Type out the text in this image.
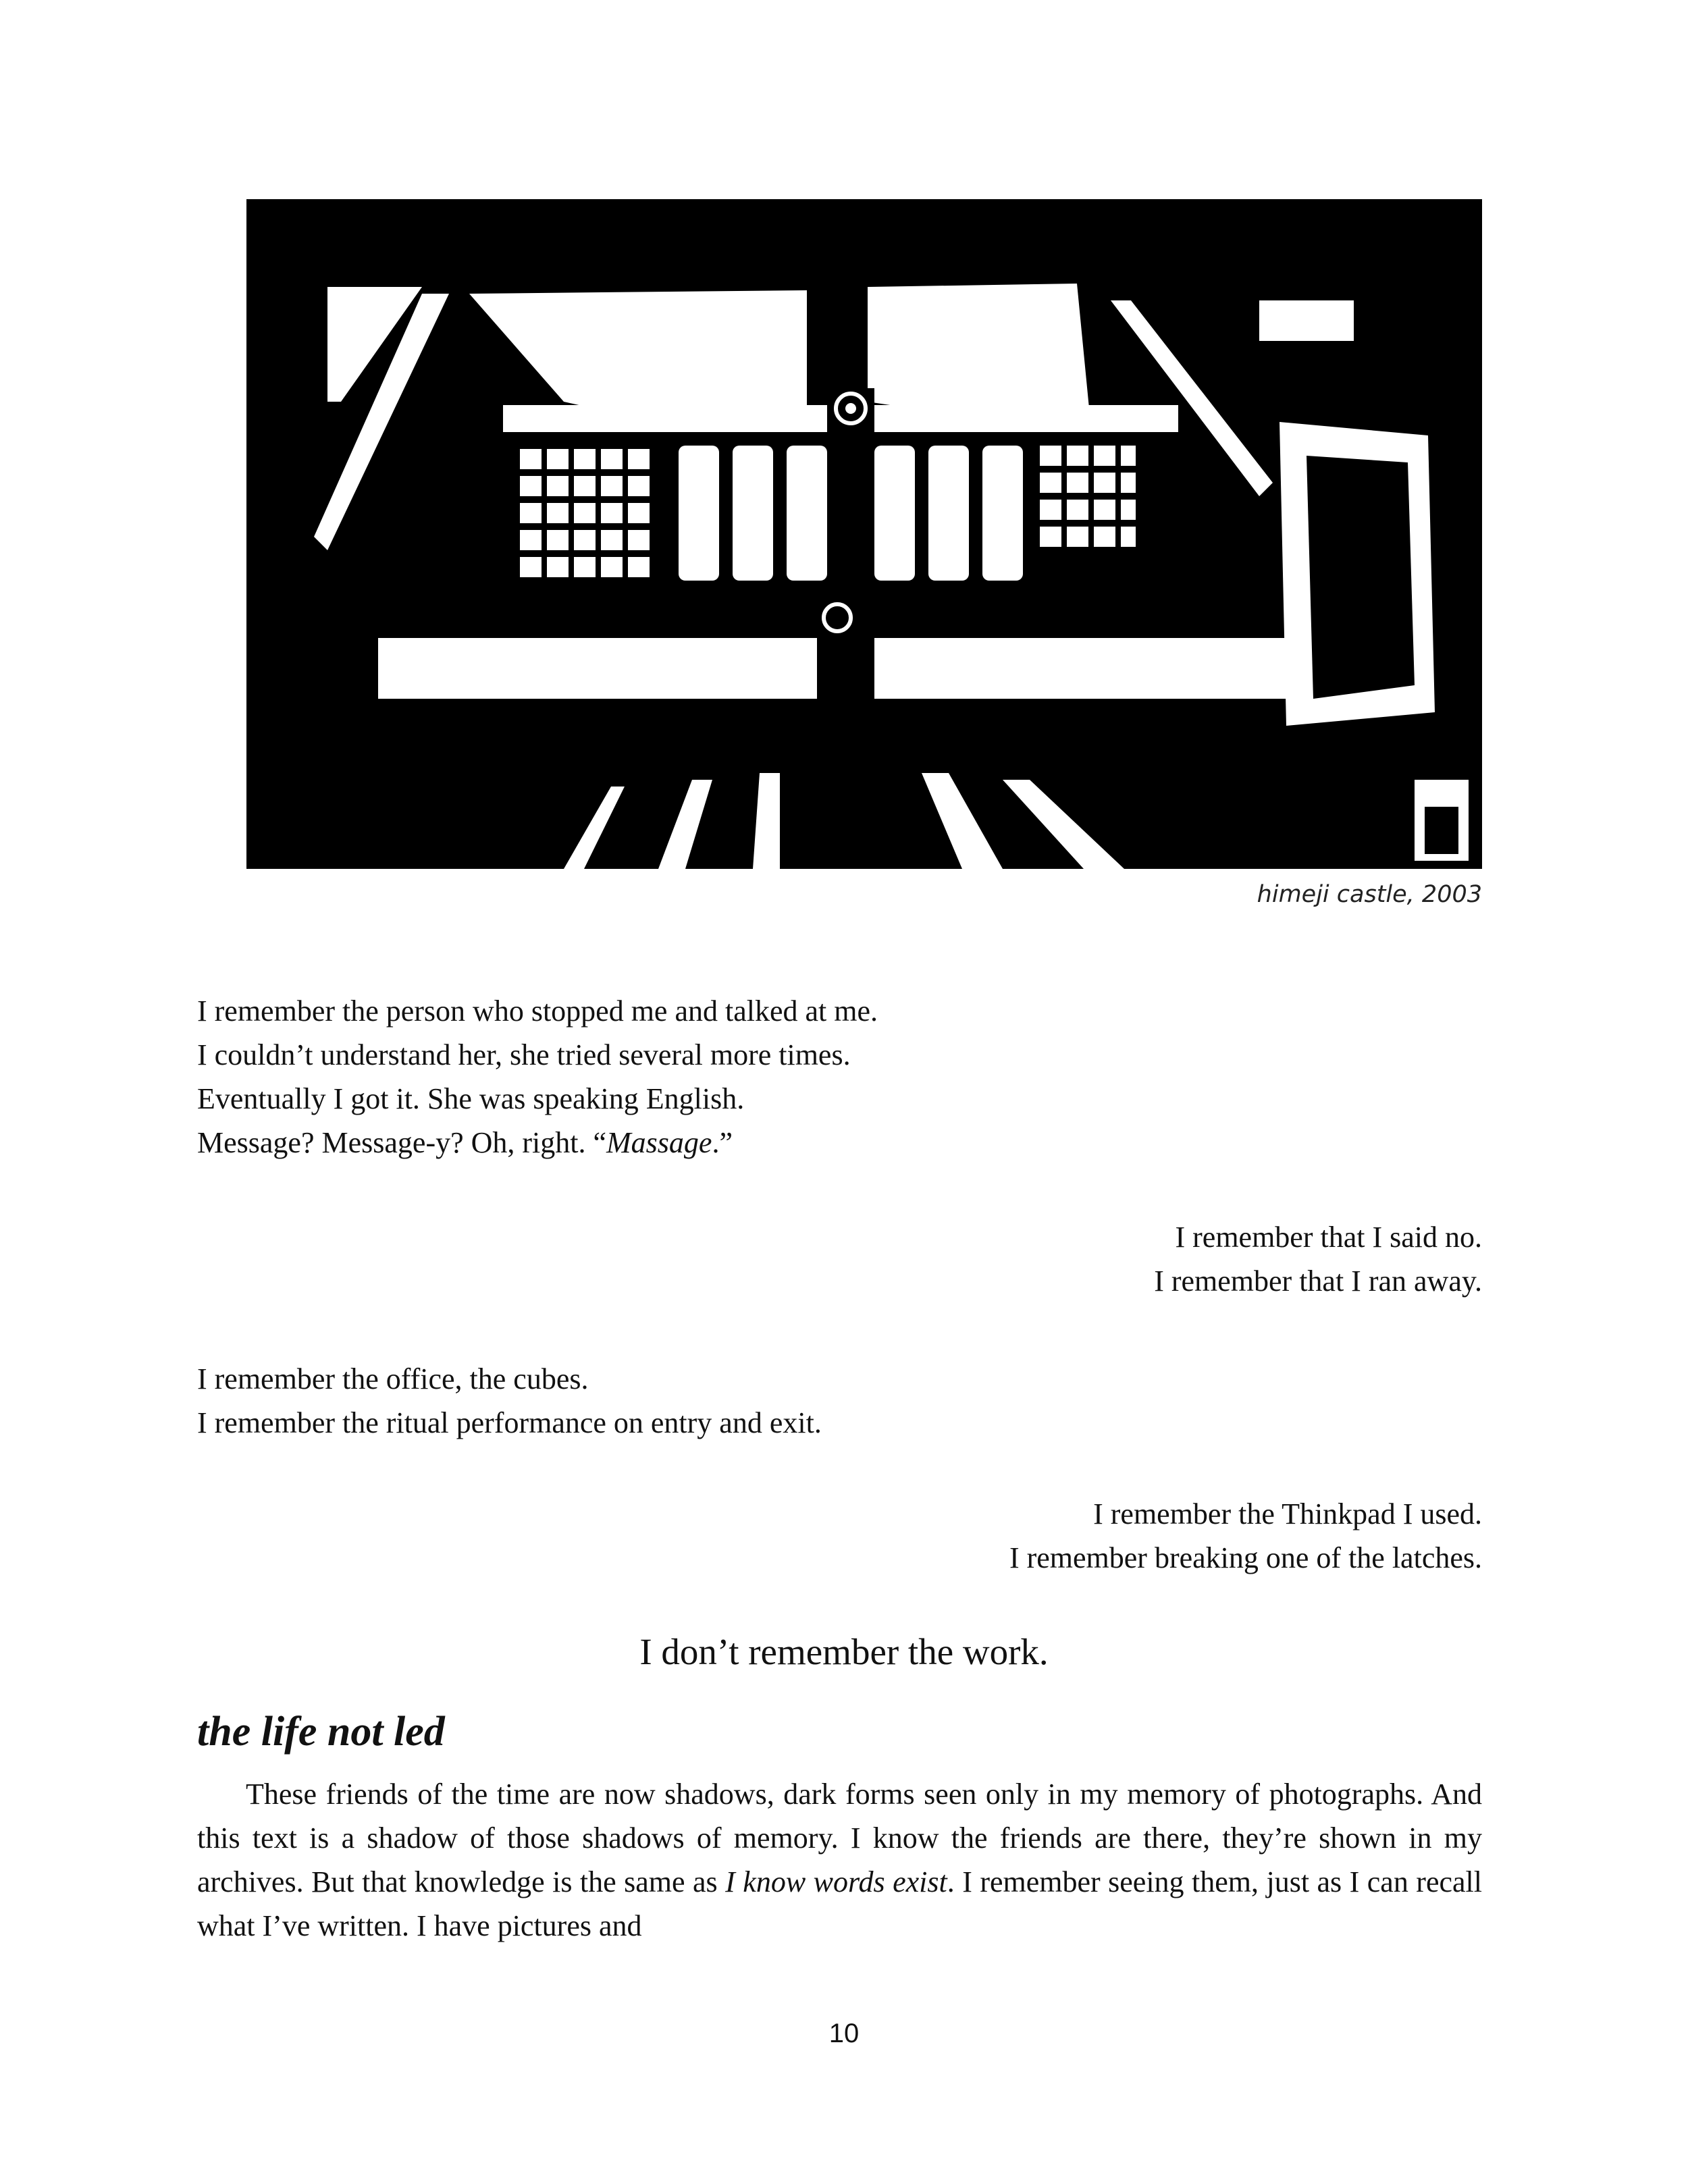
himeji castle, 2003
I remember the person who stopped me and talked at me.
I couldn’t understand her, she tried several more times.
Eventually I got it. She was speaking English.
Message? Message-y? Oh, right. “Massage.”
I remember that I said no.
I remember that I ran away.
I remember the office, the cubes.
I remember the ritual performance on entry and exit.
I remember the Thinkpad I used.
I remember breaking one of the latches.
I don’t remember the work.
the life not led

These friends of the time are now shadows, dark forms seen only in my memory of photographs. And this text is a shadow of those shadows of memory. I know the friends are there, they’re shown in my archives. But that knowledge is the same as I know words exist. I remember seeing them, just as I can recall what I’ve written. I have pictures and

10
